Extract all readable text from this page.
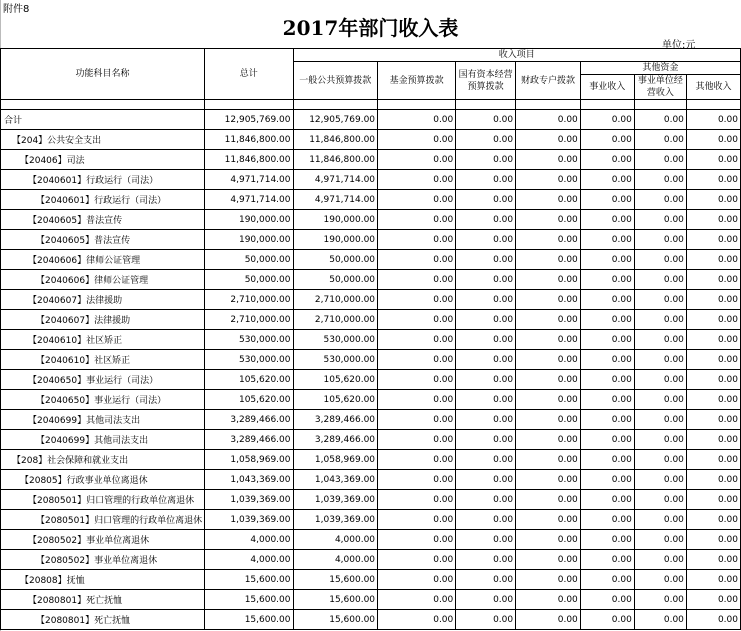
附件8
2017年部门收入表
单位:元
功能科目名称	总计	收入项目						
		一般公共预算拨款	基金预算拨款	国有资本经营预算拨款	财政专户拨款	其他资金		
						事业收入	事业单位经营收入	其他收入

合计	12,905,769.00	12,905,769.00	0.00	0.00	0.00	0.00	0.00	0.00
【204】公共安全支出	11,846,800.00	11,846,800.00	0.00	0.00	0.00	0.00	0.00	0.00
【20406】司法	11,846,800.00	11,846,800.00	0.00	0.00	0.00	0.00	0.00	0.00
【2040601】行政运行（司法）	4,971,714.00	4,971,714.00	0.00	0.00	0.00	0.00	0.00	0.00
【2040601】行政运行（司法）	4,971,714.00	4,971,714.00	0.00	0.00	0.00	0.00	0.00	0.00
【2040605】普法宣传	190,000.00	190,000.00	0.00	0.00	0.00	0.00	0.00	0.00
【2040605】普法宣传	190,000.00	190,000.00	0.00	0.00	0.00	0.00	0.00	0.00
【2040606】律师公证管理	50,000.00	50,000.00	0.00	0.00	0.00	0.00	0.00	0.00
【2040606】律师公证管理	50,000.00	50,000.00	0.00	0.00	0.00	0.00	0.00	0.00
【2040607】法律援助	2,710,000.00	2,710,000.00	0.00	0.00	0.00	0.00	0.00	0.00
【2040607】法律援助	2,710,000.00	2,710,000.00	0.00	0.00	0.00	0.00	0.00	0.00
【2040610】社区矫正	530,000.00	530,000.00	0.00	0.00	0.00	0.00	0.00	0.00
【2040610】社区矫正	530,000.00	530,000.00	0.00	0.00	0.00	0.00	0.00	0.00
【2040650】事业运行（司法）	105,620.00	105,620.00	0.00	0.00	0.00	0.00	0.00	0.00
【2040650】事业运行（司法）	105,620.00	105,620.00	0.00	0.00	0.00	0.00	0.00	0.00
【2040699】其他司法支出	3,289,466.00	3,289,466.00	0.00	0.00	0.00	0.00	0.00	0.00
【2040699】其他司法支出	3,289,466.00	3,289,466.00	0.00	0.00	0.00	0.00	0.00	0.00
【208】社会保障和就业支出	1,058,969.00	1,058,969.00	0.00	0.00	0.00	0.00	0.00	0.00
【20805】行政事业单位离退休	1,043,369.00	1,043,369.00	0.00	0.00	0.00	0.00	0.00	0.00
【2080501】归口管理的行政单位离退休	1,039,369.00	1,039,369.00	0.00	0.00	0.00	0.00	0.00	0.00
【2080501】归口管理的行政单位离退休	1,039,369.00	1,039,369.00	0.00	0.00	0.00	0.00	0.00	0.00
【2080502】事业单位离退休	4,000.00	4,000.00	0.00	0.00	0.00	0.00	0.00	0.00
【2080502】事业单位离退休	4,000.00	4,000.00	0.00	0.00	0.00	0.00	0.00	0.00
【20808】抚恤	15,600.00	15,600.00	0.00	0.00	0.00	0.00	0.00	0.00
【2080801】死亡抚恤	15,600.00	15,600.00	0.00	0.00	0.00	0.00	0.00	0.00
【2080801】死亡抚恤	15,600.00	15,600.00	0.00	0.00	0.00	0.00	0.00	0.00
